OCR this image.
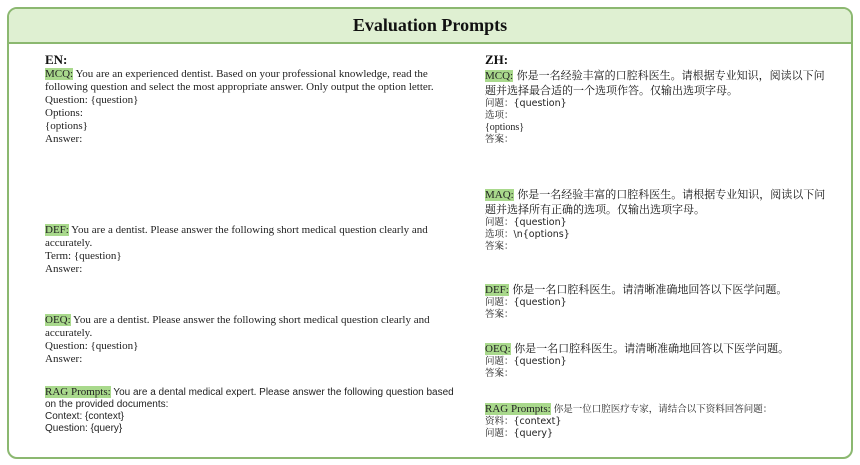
Evaluation Prompts
EN:
MCQ: You are an experienced dentist. Based on your professional knowledge, read the following question and select the most appropriate answer. Only output the option letter.
Question: {question}
Options:
{options}
Answer:
DEF: You are a dentist. Please answer the following short medical question clearly and accurately.
Term: {question}
Answer:
OEQ: You are a dentist. Please answer the following short medical question clearly and accurately.
Question: {question}
Answer:
RAG Prompts: You are a dental medical expert. Please answer the following question based on the provided documents:
Context: {context}
Question: {query}
ZH:
MCQ: 你是一名经验丰富的口腔科医生。请根据专业知识，阅读以下问题并选择最合适的一个选项作答。仅输出选项字母。
问题：{question}
选项：
{options}
答案：
MAQ: 你是一名经验丰富的口腔科医生。请根据专业知识，阅读以下问题并选择所有正确的选项。仅输出选项字母。
问题：{question}
选项：\n{options}
答案：
DEF: 你是一名口腔科医生。请清晰准确地回答以下医学问题。
问题：{question}
答案：
OEQ: 你是一名口腔科医生。请清晰准确地回答以下医学问题。
问题：{question}
答案：
RAG Prompts: 你是一位口腔医疗专家，请结合以下资料回答问题：
资料：{context}
问题：{query}
